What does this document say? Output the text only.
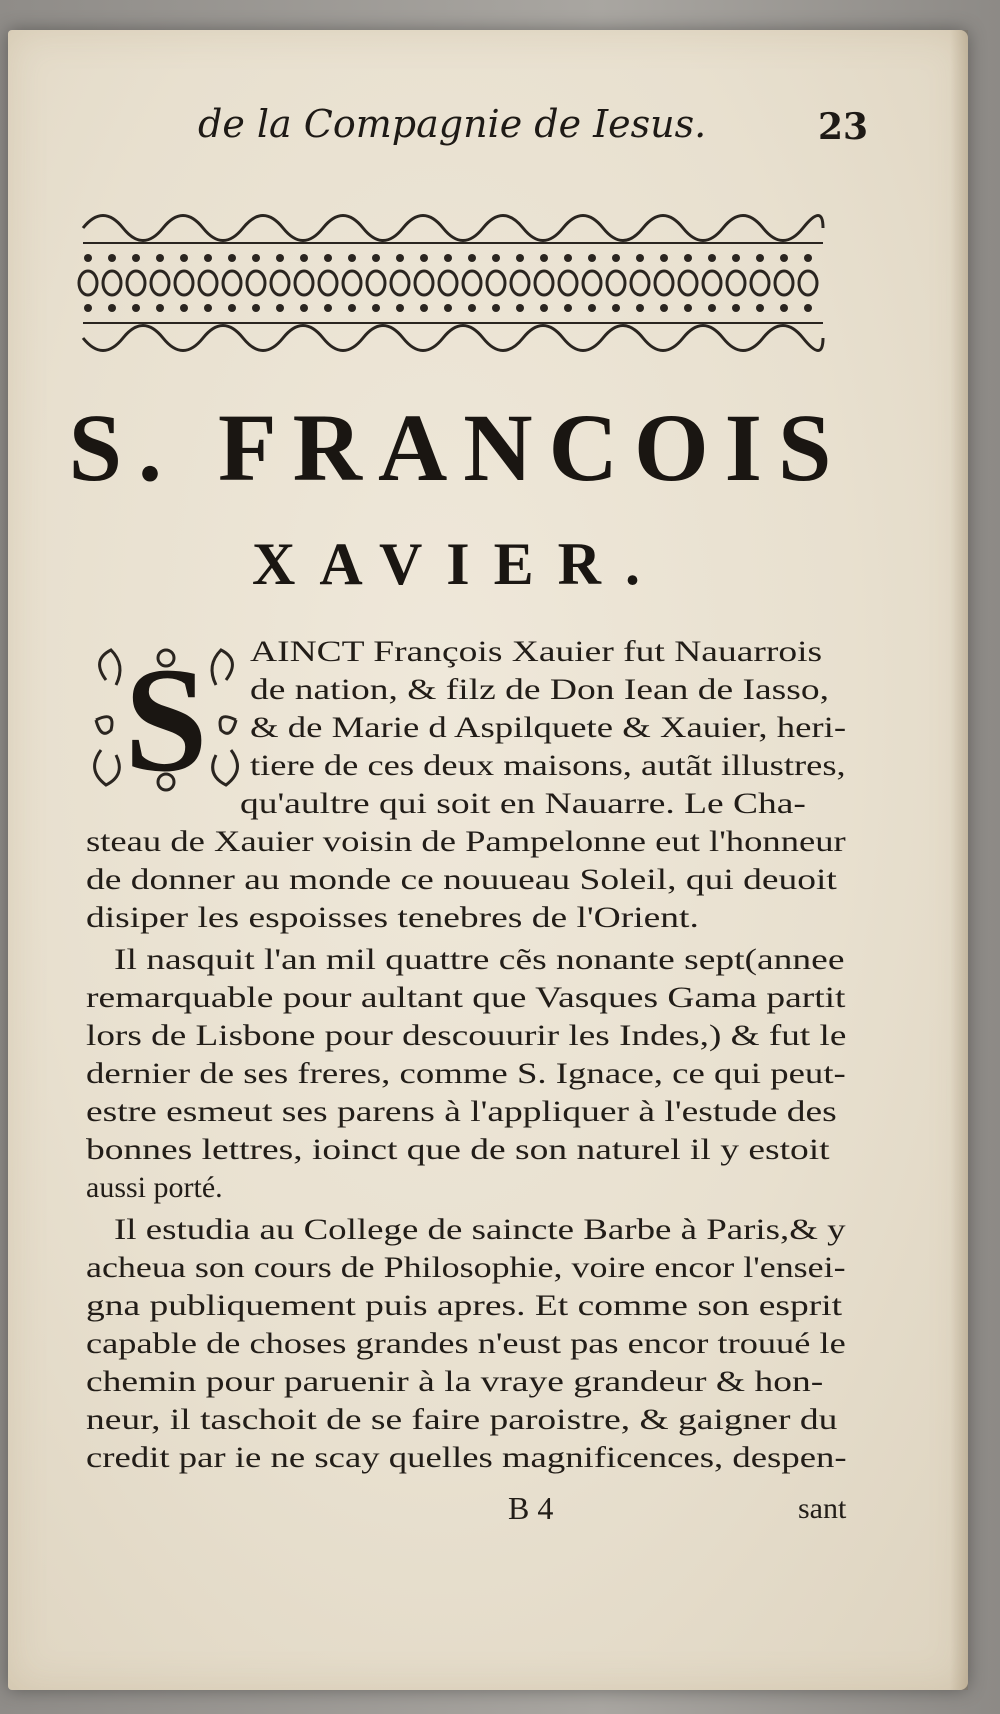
de la Compagnie de Iesus.	23
S. FRANCOIS
XAVIER.
S
B 4	sant
AINCT François Xauier fut Nauarrois
de nation, & filz de Don Iean de Iasso,
& de Marie d Aspilquete & Xauier, heri-
tiere de ces deux maisons, autãt illustres,
qu'aultre qui soit en Nauarre. Le Cha-
steau de Xauier voisin de Pampelonne eut l'honneur
de donner au monde ce nouueau Soleil, qui deuoit
disiper les espoisses tenebres de l'Orient.
Il nasquit l'an mil quattre cẽs nonante sept(annee
remarquable pour aultant que Vasques Gama partit
lors de Lisbone pour descouurir les Indes,) & fut le
dernier de ses freres, comme S. Ignace, ce qui peut-
estre esmeut ses parens à l'appliquer à l'estude des
bonnes lettres, ioinct que de son naturel il y estoit
aussi porté.
Il estudia au College de saincte Barbe à Paris,& y
acheua son cours de Philosophie, voire encor l'ensei-
gna publiquement puis apres. Et comme son esprit
capable de choses grandes n'eust pas encor trouué le
chemin pour paruenir à la vraye grandeur & hon-
neur, il taschoit de se faire paroistre, & gaigner du
credit par ie ne scay quelles magnificences, despen-
